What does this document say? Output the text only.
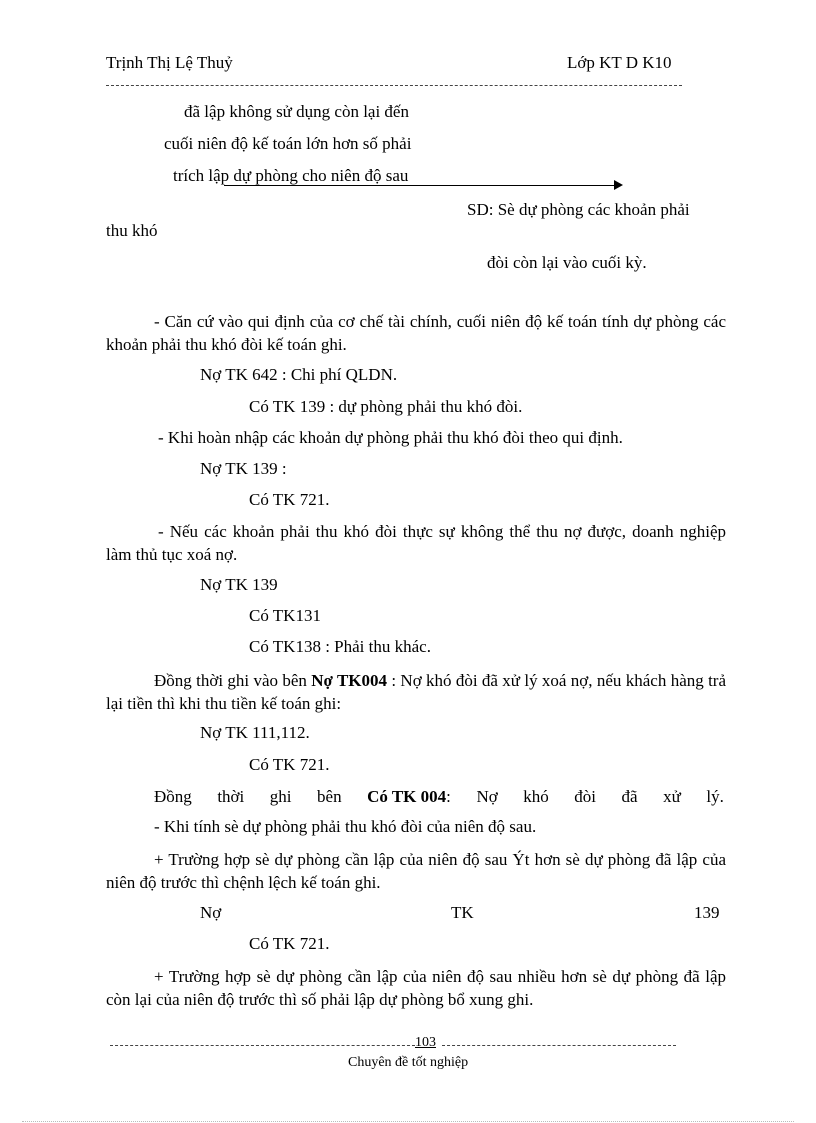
Trịnh Thị Lệ Thuỷ	Lớp KT D K10
đã lập không sử dụng còn lại đến
cuối niên độ kế toán lớn hơn số phải
trích lập dự phòng cho niên độ sau
SD: Sè dự phòng các khoản phải
thu khó
đòi còn lại vào cuối kỳ.
- Căn cứ vào qui định của cơ chế tài chính, cuối niên độ kế toán tính dự phòng các khoản phải thu khó đòi kế toán ghi.
Nợ TK 642 : Chi phí QLDN.
Có TK 139 : dự phòng phải thu khó đòi.
- Khi hoàn nhập các khoản dự phòng phải thu khó đòi theo qui định.
Nợ TK 139 :
Có TK 721.
- Nếu các khoản phải thu khó đòi thực sự không thể thu nợ được, doanh nghiệp làm thủ tục xoá nợ.
Nợ TK 139
Có TK131
Có TK138 : Phải thu khác.
Đồng thời ghi vào bên Nợ TK004 : Nợ khó đòi đã xử lý xoá nợ, nếu khách hàng trả lại tiền thì khi thu tiền kế toán ghi:
Nợ TK 111,112.
Có TK 721.
Đồng thời ghi bên Có TK 004: Nợ khó đòi đã xử lý.
- Khi tính sè dự phòng phải thu khó đòi của niên độ sau.
+ Trường hợp sè dự phòng cần lập của niên độ sau Ýt hơn sè dự phòng đã lập của niên độ trước thì chệnh lệch kế toán ghi.
Nợ	TK	139
Có TK 721.
+ Trường hợp sè dự phòng cần lập của niên độ sau nhiều hơn sè dự phòng đã lập còn lại của niên độ trước thì số phải lập dự phòng bổ xung ghi.
103
Chuyên đề tốt nghiệp
